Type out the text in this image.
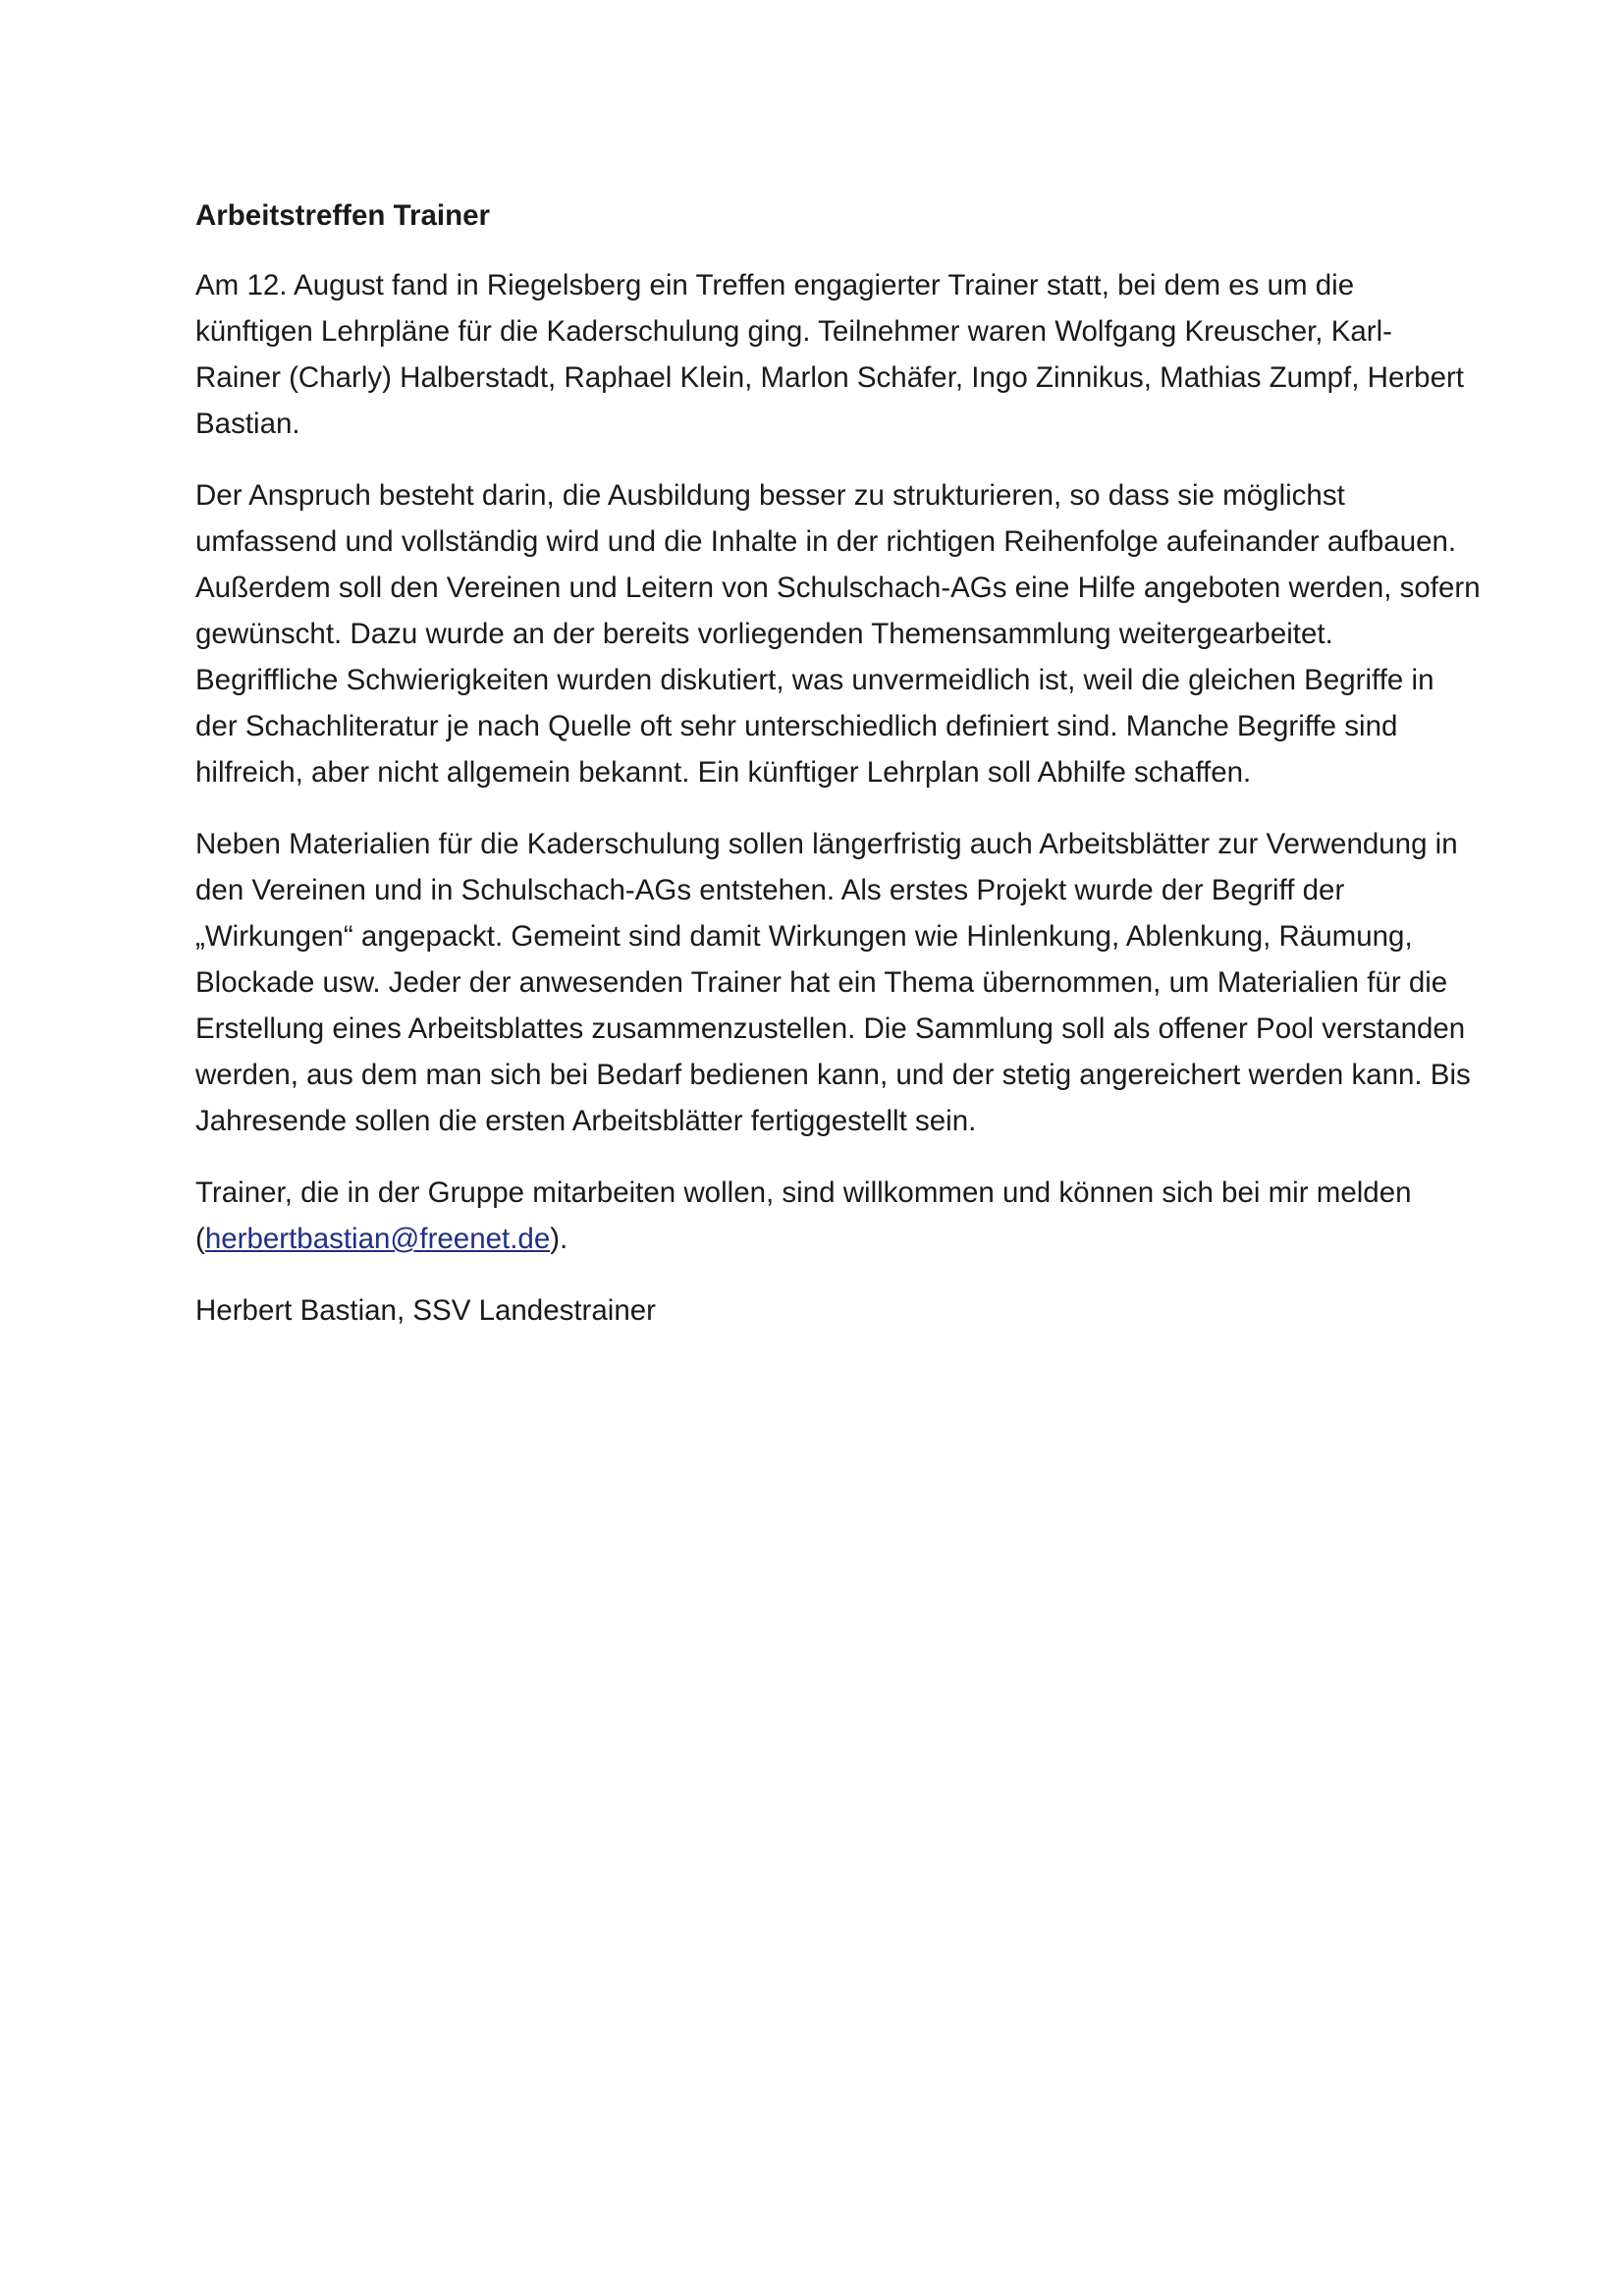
Arbeitstreffen Trainer

Am 12. August fand in Riegelsberg ein Treffen engagierter Trainer statt, bei dem es um die künftigen Lehrpläne für die Kaderschulung ging. Teilnehmer waren Wolfgang Kreuscher, Karl-Rainer (Charly) Halberstadt, Raphael Klein, Marlon Schäfer, Ingo Zinnikus, Mathias Zumpf, Herbert Bastian.

Der Anspruch besteht darin, die Ausbildung besser zu strukturieren, so dass sie möglichst umfassend und vollständig wird und die Inhalte in der richtigen Reihenfolge aufeinander aufbauen. Außerdem soll den Vereinen und Leitern von Schulschach-AGs eine Hilfe angeboten werden, sofern gewünscht. Dazu wurde an der bereits vorliegenden Themensammlung weitergearbeitet. Begriffliche Schwierigkeiten wurden diskutiert, was unvermeidlich ist, weil die gleichen Begriffe in der Schachliteratur je nach Quelle oft sehr unterschiedlich definiert sind. Manche Begriffe sind hilfreich, aber nicht allgemein bekannt. Ein künftiger Lehrplan soll Abhilfe schaffen.

Neben Materialien für die Kaderschulung sollen längerfristig auch Arbeitsblätter zur Verwendung in den Vereinen und in Schulschach-AGs entstehen. Als erstes Projekt wurde der Begriff der „Wirkungen“ angepackt. Gemeint sind damit Wirkungen wie Hinlenkung, Ablenkung, Räumung, Blockade usw. Jeder der anwesenden Trainer hat ein Thema übernommen, um Materialien für die Erstellung eines Arbeitsblattes zusammenzustellen. Die Sammlung soll als offener Pool verstanden werden, aus dem man sich bei Bedarf bedienen kann, und der stetig angereichert werden kann. Bis Jahresende sollen die ersten Arbeitsblätter fertiggestellt sein.

Trainer, die in der Gruppe mitarbeiten wollen, sind willkommen und können sich bei mir melden (herbertbastian@freenet.de).

Herbert Bastian, SSV Landestrainer
